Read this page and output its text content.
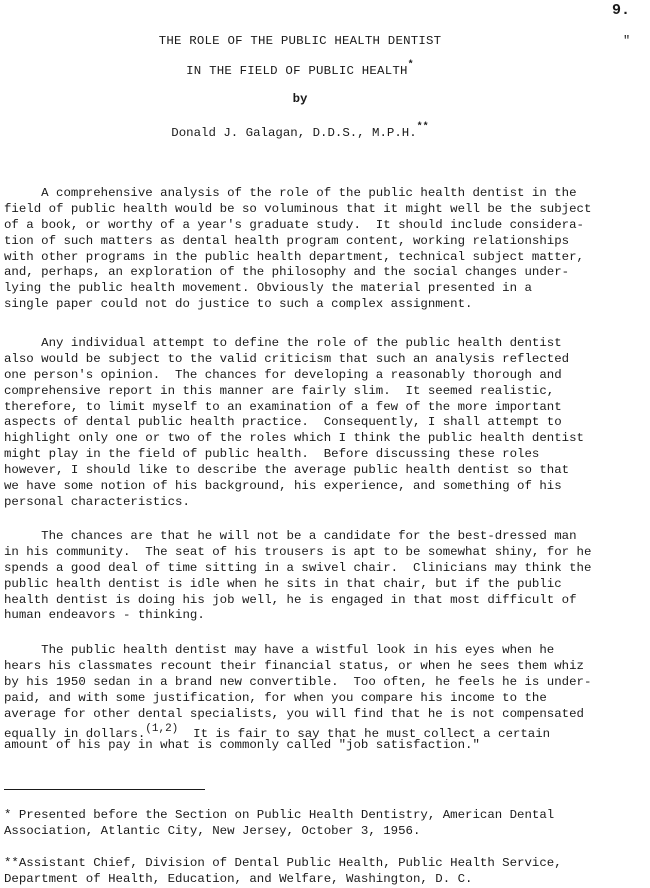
9.
"
THE ROLE OF THE PUBLIC HEALTH DENTIST
IN THE FIELD OF PUBLIC HEALTH*
by
Donald J. Galagan, D.D.S., M.P.H.**
A comprehensive analysis of the role of the public health dentist in the
field of public health would be so voluminous that it might well be the subject
of a book, or worthy of a year's graduate study.  It should include considera-
tion of such matters as dental health program content, working relationships
with other programs in the public health department, technical subject matter,
and, perhaps, an exploration of the philosophy and the social changes under-
lying the public health movement. Obviously the material presented in a
single paper could not do justice to such a complex assignment.
Any individual attempt to define the role of the public health dentist
also would be subject to the valid criticism that such an analysis reflected
one person's opinion.  The chances for developing a reasonably thorough and
comprehensive report in this manner are fairly slim.  It seemed realistic,
therefore, to limit myself to an examination of a few of the more important
aspects of dental public health practice.  Consequently, I shall attempt to
highlight only one or two of the roles which I think the public health dentist
might play in the field of public health.  Before discussing these roles
however, I should like to describe the average public health dentist so that
we have some notion of his background, his experience, and something of his
personal characteristics.
The chances are that he will not be a candidate for the best-dressed man
in his community.  The seat of his trousers is apt to be somewhat shiny, for he
spends a good deal of time sitting in a swivel chair.  Clinicians may think the
public health dentist is idle when he sits in that chair, but if the public
health dentist is doing his job well, he is engaged in that most difficult of
human endeavors - thinking.
The public health dentist may have a wistful look in his eyes when he
hears his classmates recount their financial status, or when he sees them whiz
by his 1950 sedan in a brand new convertible.  Too often, he feels he is under-
paid, and with some justification, for when you compare his income to the
average for other dental specialists, you will find that he is not compensated
equally in dollars.$^{(1,2)}$  It is fair to say that he must collect a certain
amount of his pay in what is commonly called "job satisfaction."
* Presented before the Section on Public Health Dentistry, American Dental
Association, Atlantic City, New Jersey, October 3, 1956.
**Assistant Chief, Division of Dental Public Health, Public Health Service,
Department of Health, Education, and Welfare, Washington, D. C.
